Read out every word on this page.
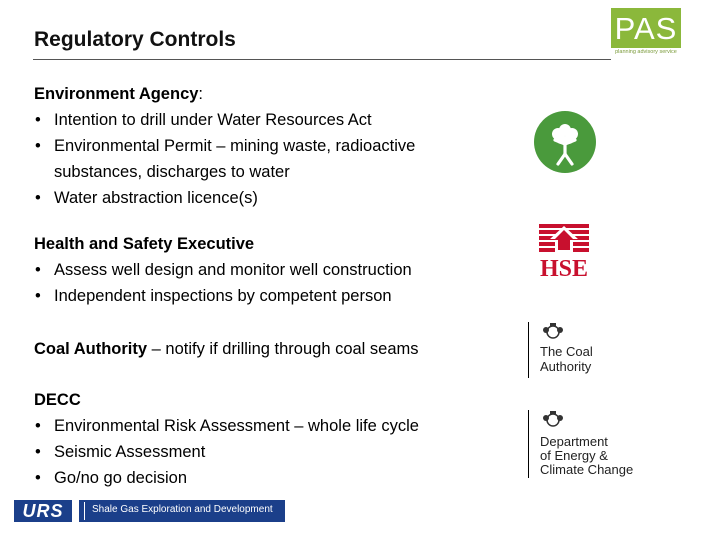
Regulatory Controls	PAS
planning advisory service
Environment Agency:
• Intention to drill under Water Resources Act
• Environmental Permit – mining waste, radioactive
substances, discharges to water
• Water abstraction licence(s)
Health and Safety Executive
• Assess well design and monitor well construction
• Independent inspections by competent person
Coal Authority – notify if drilling through coal seams
DECC
• Environmental Risk Assessment – whole life cycle
• Seismic Assessment
• Go/no go decision
HSE
The Coal
Authority
Department
of Energy &
Climate Change
URS	Shale Gas Exploration and Development
